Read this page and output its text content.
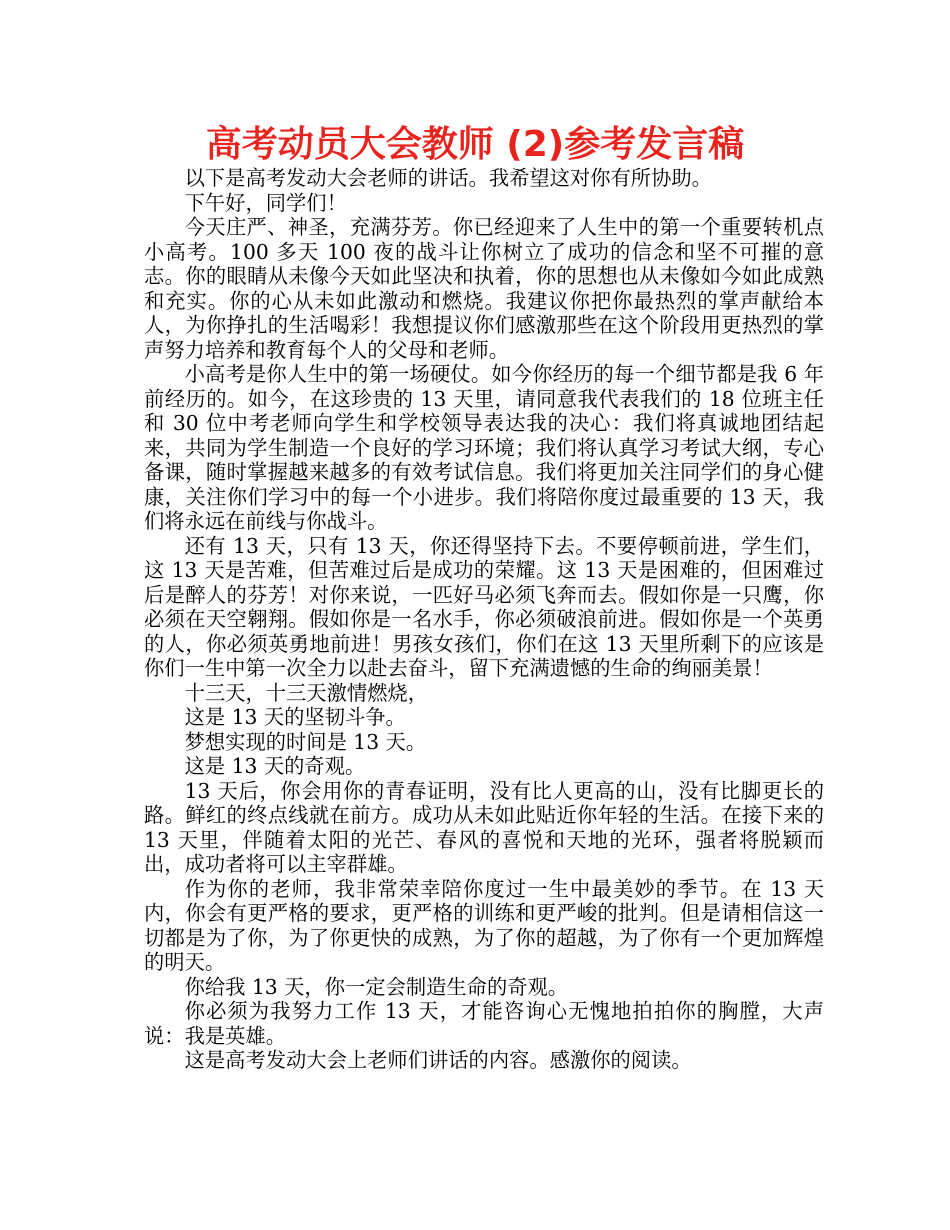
高考动员大会教师 (2)参考发言稿

以下是高考发动大会老师的讲话。我希望这对你有所协助。

下午好，同学们！

今天庄严、神圣，充满芬芳。你已经迎来了人生中的第一个重要转机点小高考。100 多天 100 夜的战斗让你树立了成功的信念和坚不可摧的意志。你的眼睛从未像今天如此坚决和执着，你的思想也从未像如今如此成熟和充实。你的心从未如此激动和燃烧。我建议你把你最热烈的掌声献给本人，为你挣扎的生活喝彩！我想提议你们感激那些在这个阶段用更热烈的掌声努力培养和教育每个人的父母和老师。

小高考是你人生中的第一场硬仗。如今你经历的每一个细节都是我 6 年前经历的。如今，在这珍贵的 13 天里，请同意我代表我们的 18 位班主任和 30 位中考老师向学生和学校领导表达我的决心：我们将真诚地团结起来，共同为学生制造一个良好的学习环境；我们将认真学习考试大纲，专心备课，随时掌握越来越多的有效考试信息。我们将更加关注同学们的身心健康，关注你们学习中的每一个小进步。我们将陪你度过最重要的 13 天，我们将永远在前线与你战斗。

还有 13 天，只有 13 天，你还得坚持下去。不要停顿前进，学生们，这 13 天是苦难，但苦难过后是成功的荣耀。这 13 天是困难的，但困难过后是醉人的芬芳！对你来说，一匹好马必须飞奔而去。假如你是一只鹰，你必须在天空翱翔。假如你是一名水手，你必须破浪前进。假如你是一个英勇的人，你必须英勇地前进！男孩女孩们，你们在这 13 天里所剩下的应该是你们一生中第一次全力以赴去奋斗，留下充满遗憾的生命的绚丽美景！

十三天，十三天激情燃烧，

这是 13 天的坚韧斗争。

梦想实现的时间是 13 天。

这是 13 天的奇观。

13 天后，你会用你的青春证明，没有比人更高的山，没有比脚更长的路。鲜红的终点线就在前方。成功从未如此贴近你年轻的生活。在接下来的 13 天里，伴随着太阳的光芒、春风的喜悦和天地的光环，强者将脱颖而出，成功者将可以主宰群雄。

作为你的老师，我非常荣幸陪你度过一生中最美妙的季节。在 13 天内，你会有更严格的要求，更严格的训练和更严峻的批判。但是请相信这一切都是为了你，为了你更快的成熟，为了你的超越，为了你有一个更加辉煌的明天。

你给我 13 天，你一定会制造生命的奇观。

你必须为我努力工作 13 天，才能咨询心无愧地拍拍你的胸膛，大声说：我是英雄。

这是高考发动大会上老师们讲话的内容。感激你的阅读。
